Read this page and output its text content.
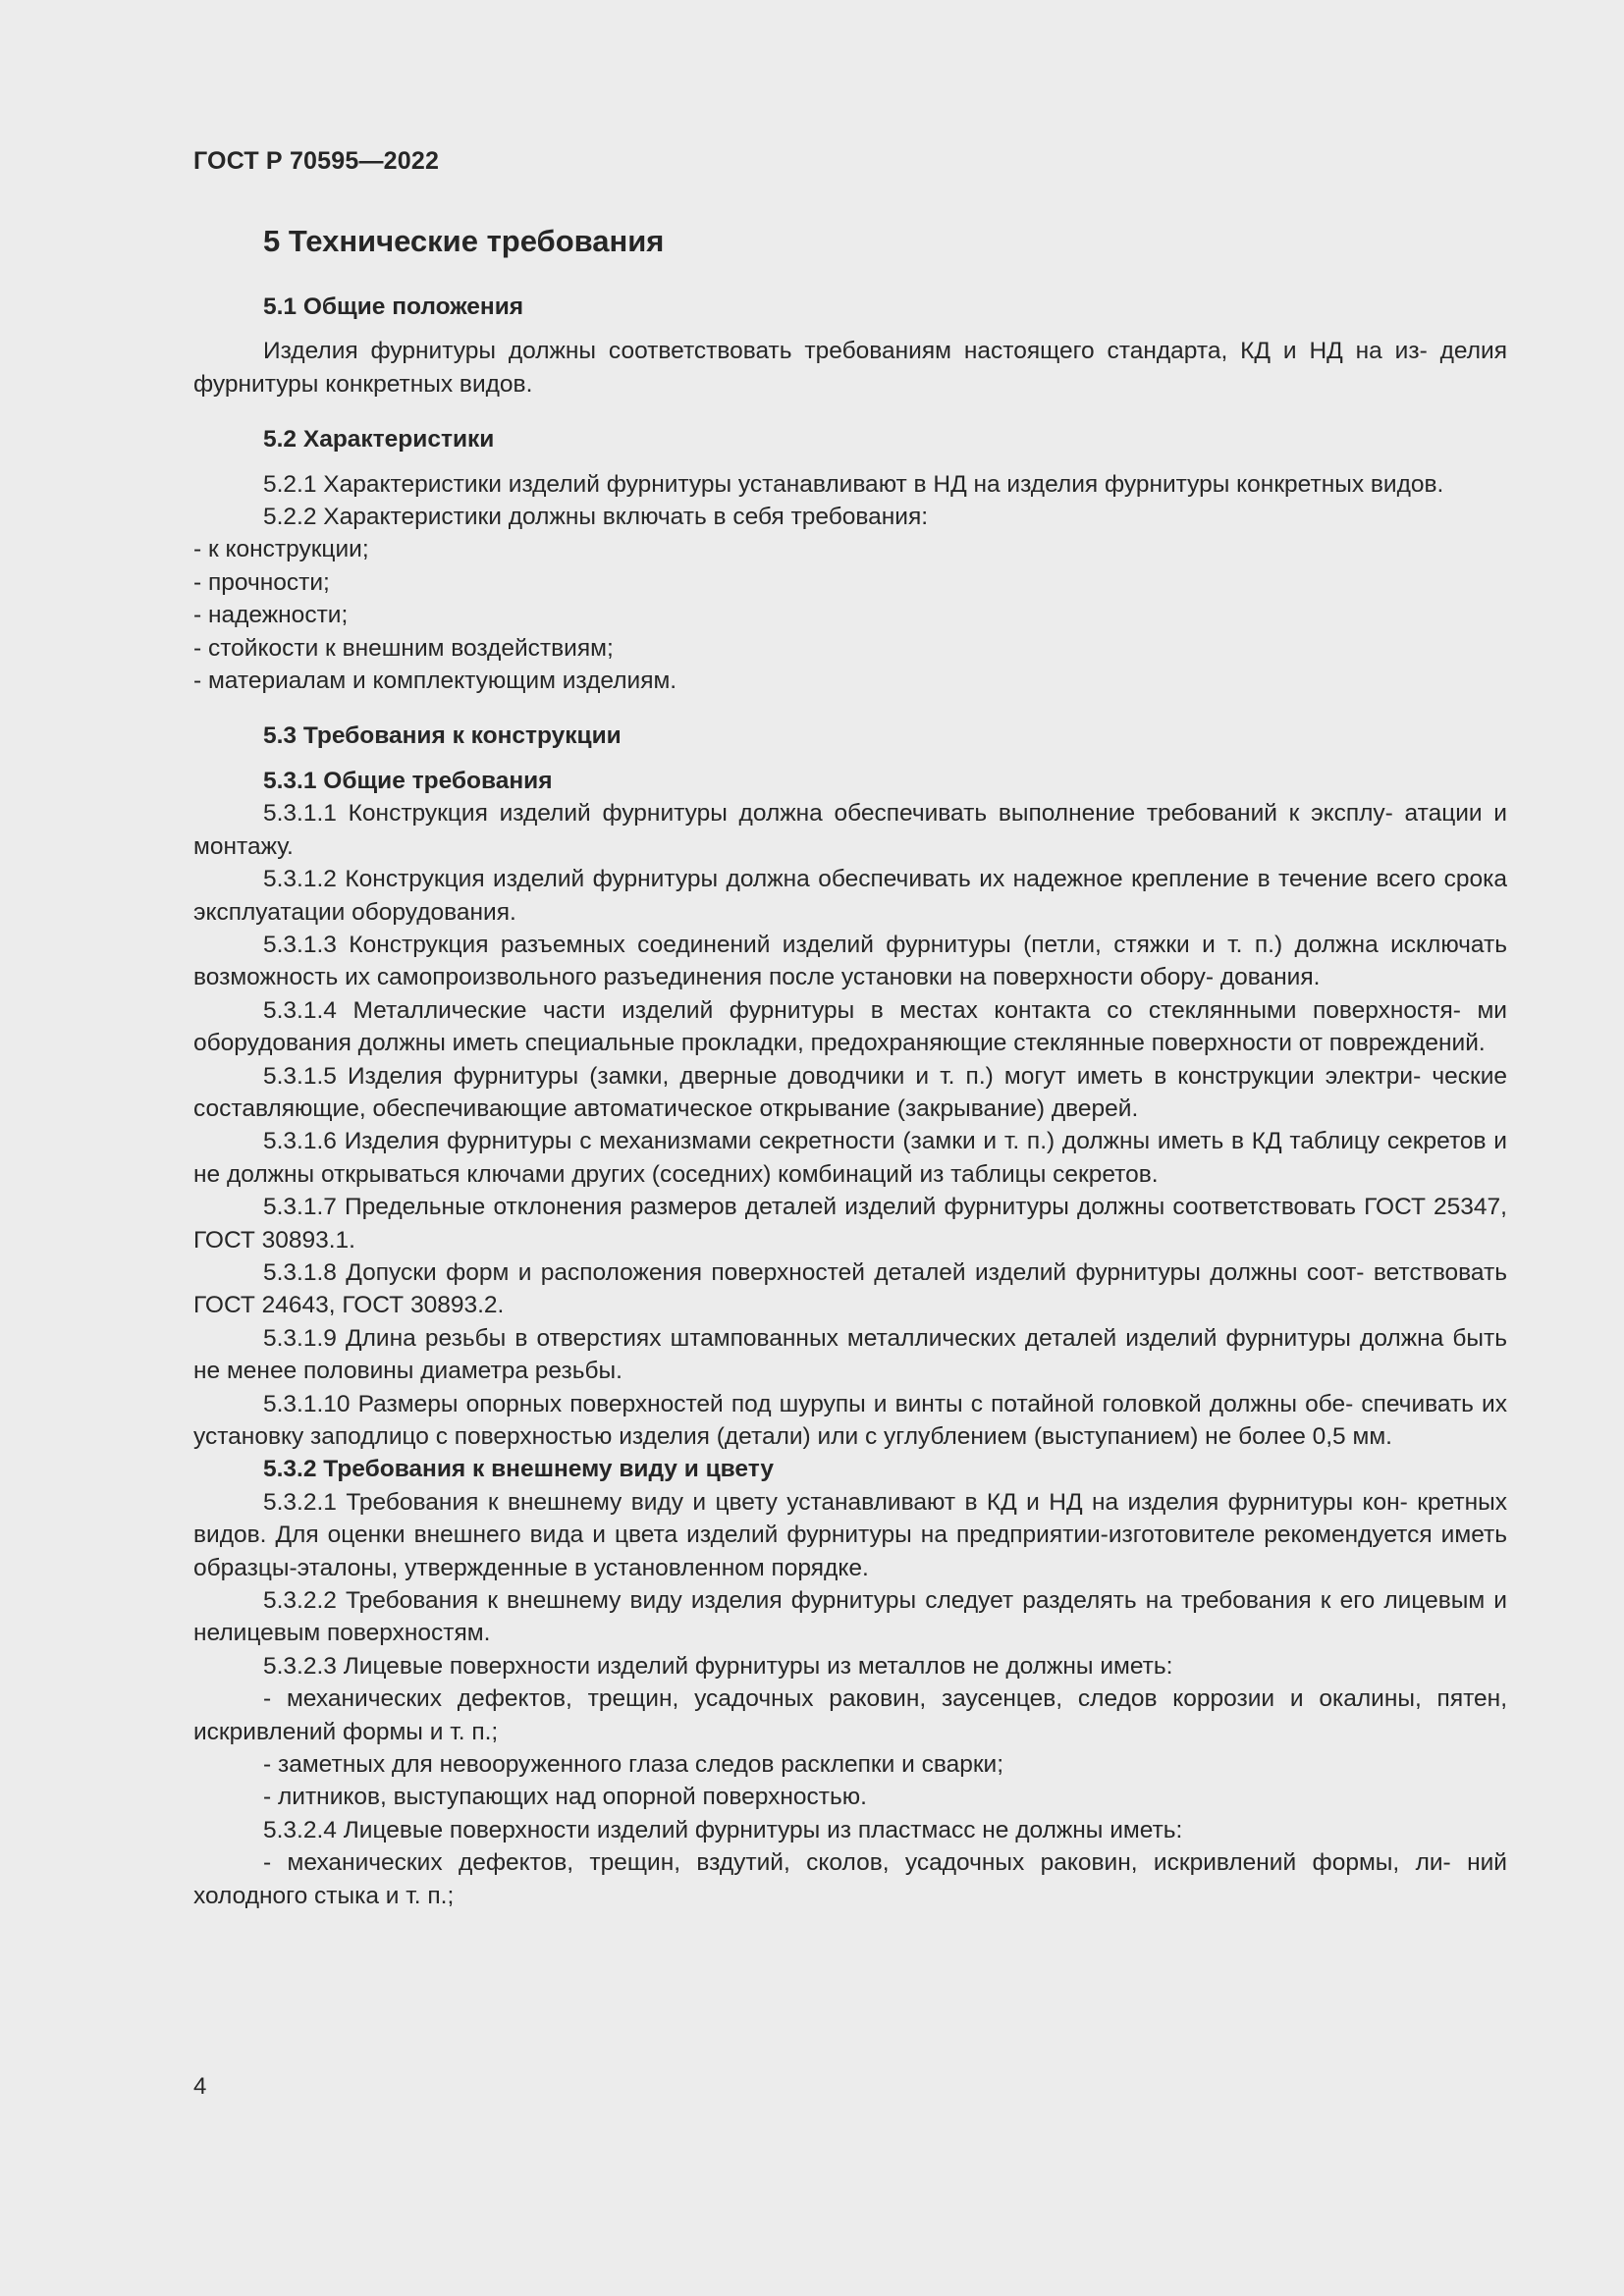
ГОСТ Р 70595—2022
5 Технические требования
5.1 Общие положения

Изделия фурнитуры должны соответствовать требованиям настоящего стандарта, КД и НД на из- делия фурнитуры конкретных видов.

5.2 Характеристики

5.2.1 Характеристики изделий фурнитуры устанавливают в НД на изделия фурнитуры конкретных видов.

5.2.2 Характеристики должны включать в себя требования:

- к конструкции;
- прочности;
- надежности;
- стойкости к внешним воздействиям;
- материалам и комплектующим изделиям.
5.3 Требования к конструкции
5.3.1 Общие требования

5.3.1.1 Конструкция изделий фурнитуры должна обеспечивать выполнение требований к эксплу- атации и монтажу.

5.3.1.2 Конструкция изделий фурнитуры должна обеспечивать их надежное крепление в течение всего срока эксплуатации оборудования.

5.3.1.3 Конструкция разъемных соединений изделий фурнитуры (петли, стяжки и т. п.) должна исключать возможность их самопроизвольного разъединения после установки на поверхности обору- дования.

5.3.1.4 Металлические части изделий фурнитуры в местах контакта со стеклянными поверхностя- ми оборудования должны иметь специальные прокладки, предохраняющие стеклянные поверхности от повреждений.

5.3.1.5 Изделия фурнитуры (замки, дверные доводчики и т. п.) могут иметь в конструкции электри- ческие составляющие, обеспечивающие автоматическое открывание (закрывание) дверей.

5.3.1.6 Изделия фурнитуры с механизмами секретности (замки и т. п.) должны иметь в КД таблицу секретов и не должны открываться ключами других (соседних) комбинаций из таблицы секретов.

5.3.1.7 Предельные отклонения размеров деталей изделий фурнитуры должны соответствовать ГОСТ 25347, ГОСТ 30893.1.

5.3.1.8 Допуски форм и расположения поверхностей деталей изделий фурнитуры должны соот- ветствовать ГОСТ 24643, ГОСТ 30893.2.

5.3.1.9 Длина резьбы в отверстиях штампованных металлических деталей изделий фурнитуры должна быть не менее половины диаметра резьбы.

5.3.1.10 Размеры опорных поверхностей под шурупы и винты с потайной головкой должны обе- спечивать их установку заподлицо с поверхностью изделия (детали) или с углублением (выступанием) не более 0,5 мм.

5.3.2 Требования к внешнему виду и цвету

5.3.2.1 Требования к внешнему виду и цвету устанавливают в КД и НД на изделия фурнитуры кон- кретных видов. Для оценки внешнего вида и цвета изделий фурнитуры на предприятии-изготовителе рекомендуется иметь образцы-эталоны, утвержденные в установленном порядке.

5.3.2.2 Требования к внешнему виду изделия фурнитуры следует разделять на требования к его лицевым и нелицевым поверхностям.

5.3.2.3 Лицевые поверхности изделий фурнитуры из металлов не должны иметь:

- механических дефектов, трещин, усадочных раковин, заусенцев, следов коррозии и окалины, пятен, искривлений формы и т. п.;

- заметных для невооруженного глаза следов расклепки и сварки;

- литников, выступающих над опорной поверхностью.

5.3.2.4 Лицевые поверхности изделий фурнитуры из пластмасс не должны иметь:

- механических дефектов, трещин, вздутий, сколов, усадочных раковин, искривлений формы, ли- ний холодного стыка и т. п.;

4
